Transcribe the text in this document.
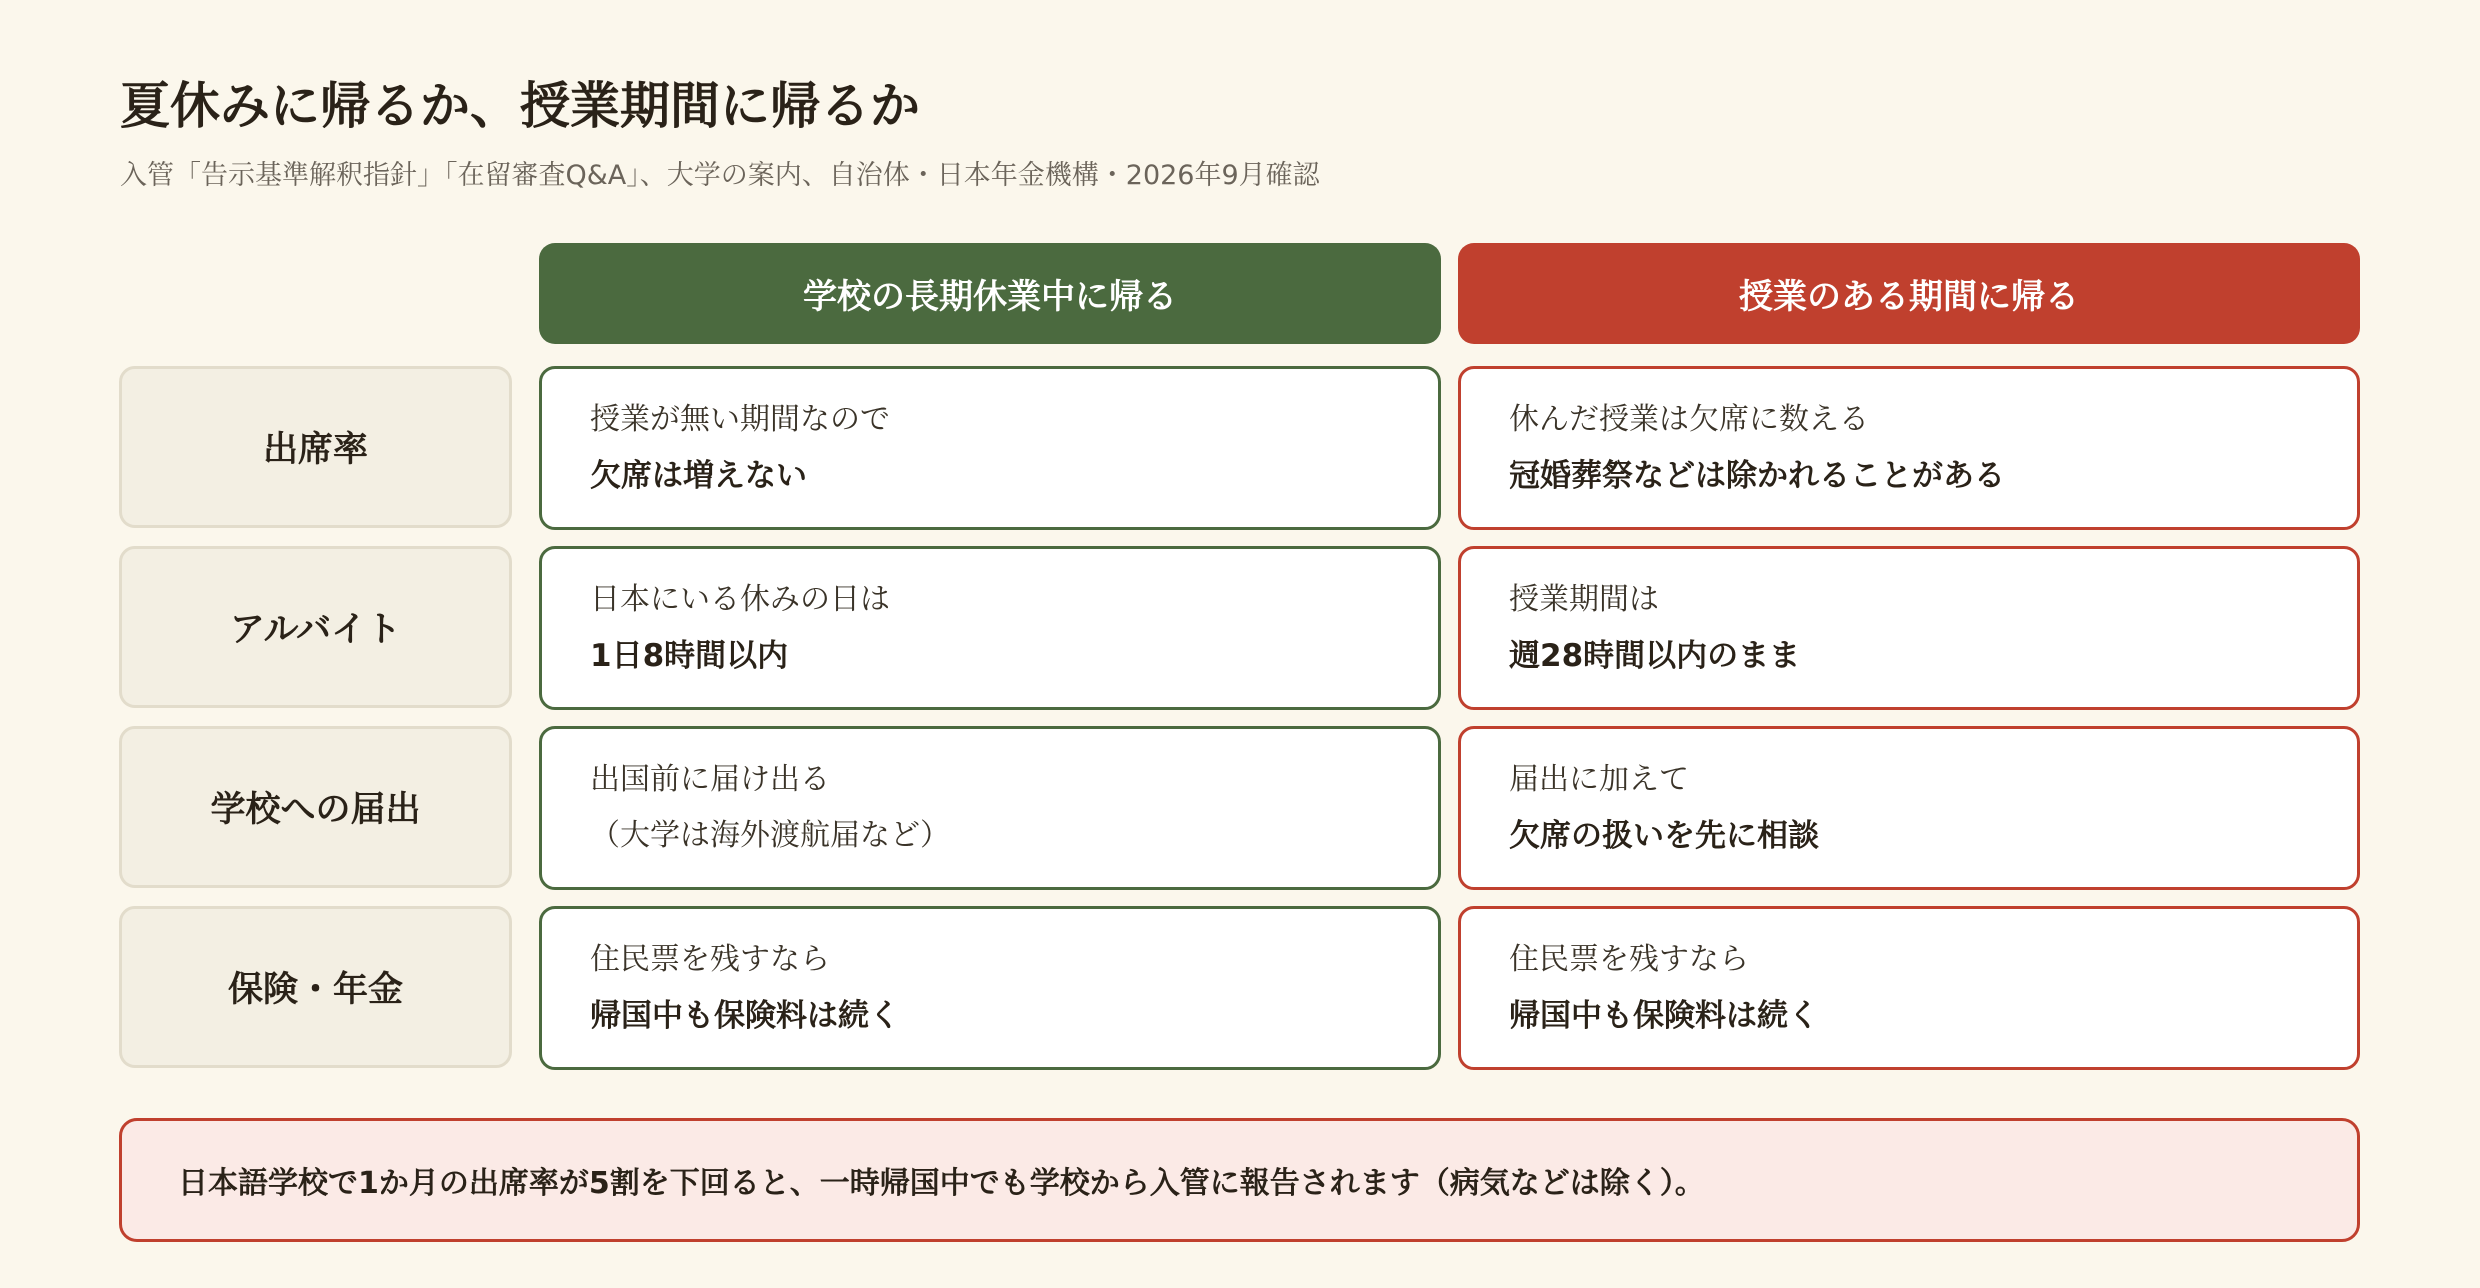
夏休みに帰るか、授業期間に帰るか
入管「告示基準解釈指針」「在留審査Q&A」、大学の案内、自治体・日本年金機構・2026年9月確認
学校の長期休業中に帰る	授業のある期間に帰る
出席率
授業が無い期間なので
欠席は増えない
休んだ授業は欠席に数える
冠婚葬祭などは除かれることがある
アルバイト
日本にいる休みの日は
1日8時間以内
授業期間は
週28時間以内のまま
学校への届出
出国前に届け出る
（大学は海外渡航届など）
届出に加えて
欠席の扱いを先に相談
保険・年金
住民票を残すなら
帰国中も保険料は続く
住民票を残すなら
帰国中も保険料は続く
日本語学校で1か月の出席率が5割を下回ると、一時帰国中でも学校から入管に報告されます（病気などは除く）。
